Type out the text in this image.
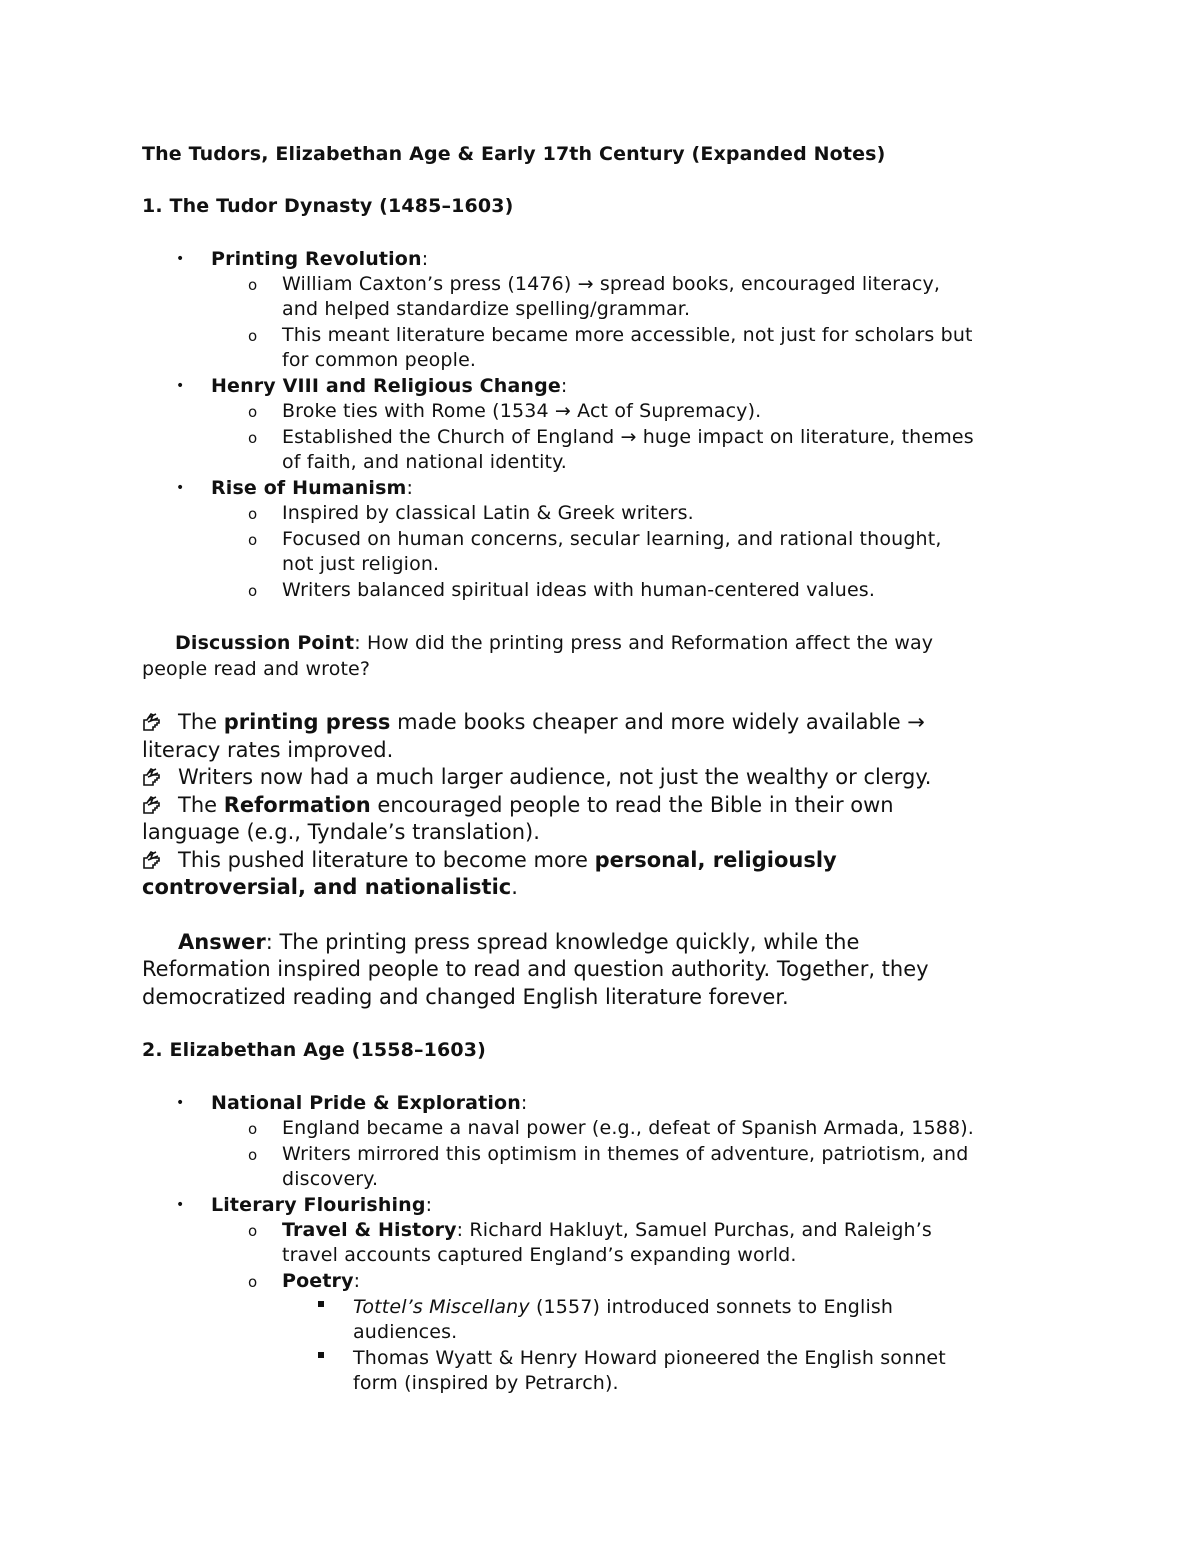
The Tudors, Elizabethan Age & Early 17th Century (Expanded Notes)
1. The Tudor Dynasty (1485–1603)
• Printing Revolution:
o William Caxton’s press (1476) → spread books, encouraged literacy,
and helped standardize spelling/grammar.
o This meant literature became more accessible, not just for scholars but
for common people.
• Henry VIII and Religious Change:
o Broke ties with Rome (1534 → Act of Supremacy).
o Established the Church of England → huge impact on literature, themes
of faith, and national identity.
• Rise of Humanism:
o Inspired by classical Latin & Greek writers.
o Focused on human concerns, secular learning, and rational thought,
not just religion.
o Writers balanced spiritual ideas with human-centered values.
Discussion Point: How did the printing press and Reformation affect the way
people read and wrote?
The printing press made books cheaper and more widely available →
literacy rates improved.
Writers now had a much larger audience, not just the wealthy or clergy.
The Reformation encouraged people to read the Bible in their own
language (e.g., Tyndale’s translation).
This pushed literature to become more personal, religiously
controversial, and nationalistic.
Answer: The printing press spread knowledge quickly, while the
Reformation inspired people to read and question authority. Together, they
democratized reading and changed English literature forever.
2. Elizabethan Age (1558–1603)
• National Pride & Exploration:
o England became a naval power (e.g., defeat of Spanish Armada, 1588).
o Writers mirrored this optimism in themes of adventure, patriotism, and
discovery.
• Literary Flourishing:
o Travel & History: Richard Hakluyt, Samuel Purchas, and Raleigh’s
travel accounts captured England’s expanding world.
o Poetry:
Tottel’s Miscellany (1557) introduced sonnets to English
audiences.
Thomas Wyatt & Henry Howard pioneered the English sonnet
form (inspired by Petrarch).
